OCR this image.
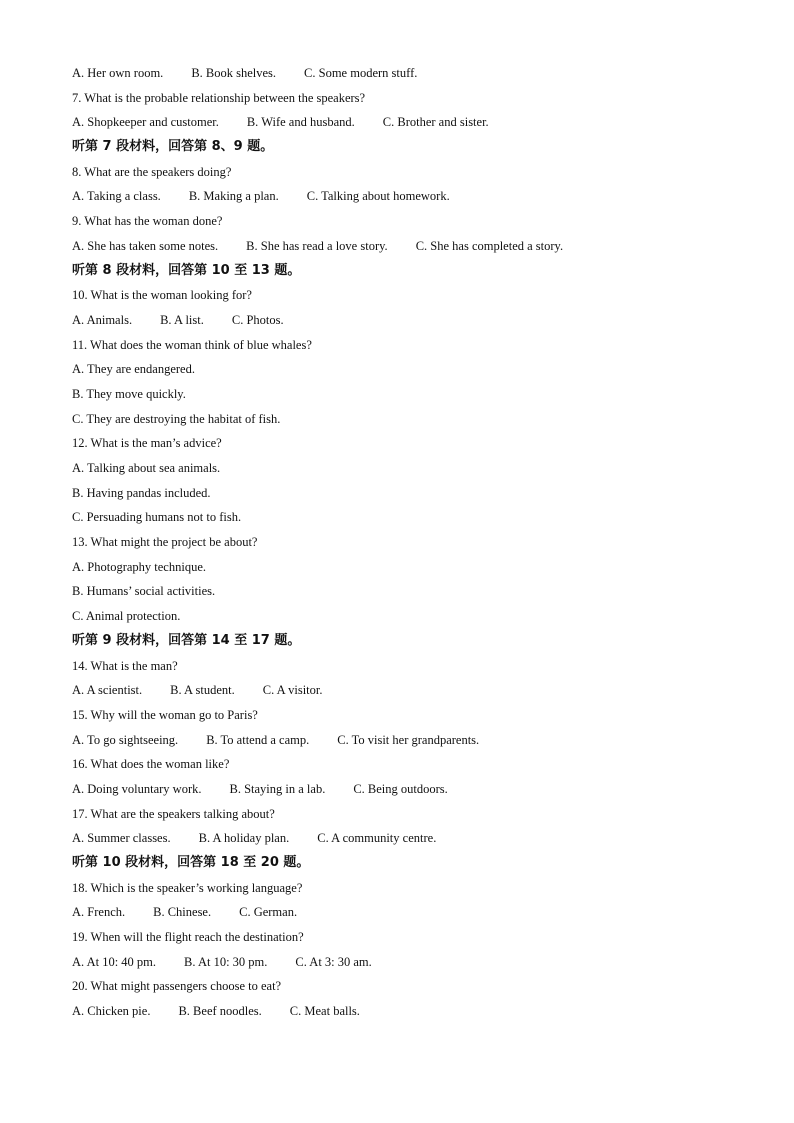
A. Her own room. B. Book shelves. C. Some modern stuff.
7. What is the probable relationship between the speakers?
A. Shopkeeper and customer. B. Wife and husband. C. Brother and sister.
听第 7 段材料，回答第 8、9 题。
8. What are the speakers doing?
A. Taking a class. B. Making a plan. C. Talking about homework.
9. What has the woman done?
A. She has taken some notes. B. She has read a love story. C. She has completed a story.
听第 8 段材料，回答第 10 至 13 题。
10. What is the woman looking for?
A. Animals. B. A list. C. Photos.
11. What does the woman think of blue whales?
A. They are endangered.
B. They move quickly.
C. They are destroying the habitat of fish.
12. What is the man’s advice?
A. Talking about sea animals.
B. Having pandas included.
C. Persuading humans not to fish.
13. What might the project be about?
A. Photography technique.
B. Humans’ social activities.
C. Animal protection.
听第 9 段材料，回答第 14 至 17 题。
14. What is the man?
A. A scientist. B. A student. C. A visitor.
15. Why will the woman go to Paris?
A. To go sightseeing. B. To attend a camp. C. To visit her grandparents.
16. What does the woman like?
A. Doing voluntary work. B. Staying in a lab. C. Being outdoors.
17. What are the speakers talking about?
A. Summer classes. B. A holiday plan. C. A community centre.
听第 10 段材料，回答第 18 至 20 题。
18. Which is the speaker’s working language?
A. French. B. Chinese. C. German.
19. When will the flight reach the destination?
A. At 10: 40 pm. B. At 10: 30 pm. C. At 3: 30 am.
20. What might passengers choose to eat?
A. Chicken pie. B. Beef noodles. C. Meat balls.
